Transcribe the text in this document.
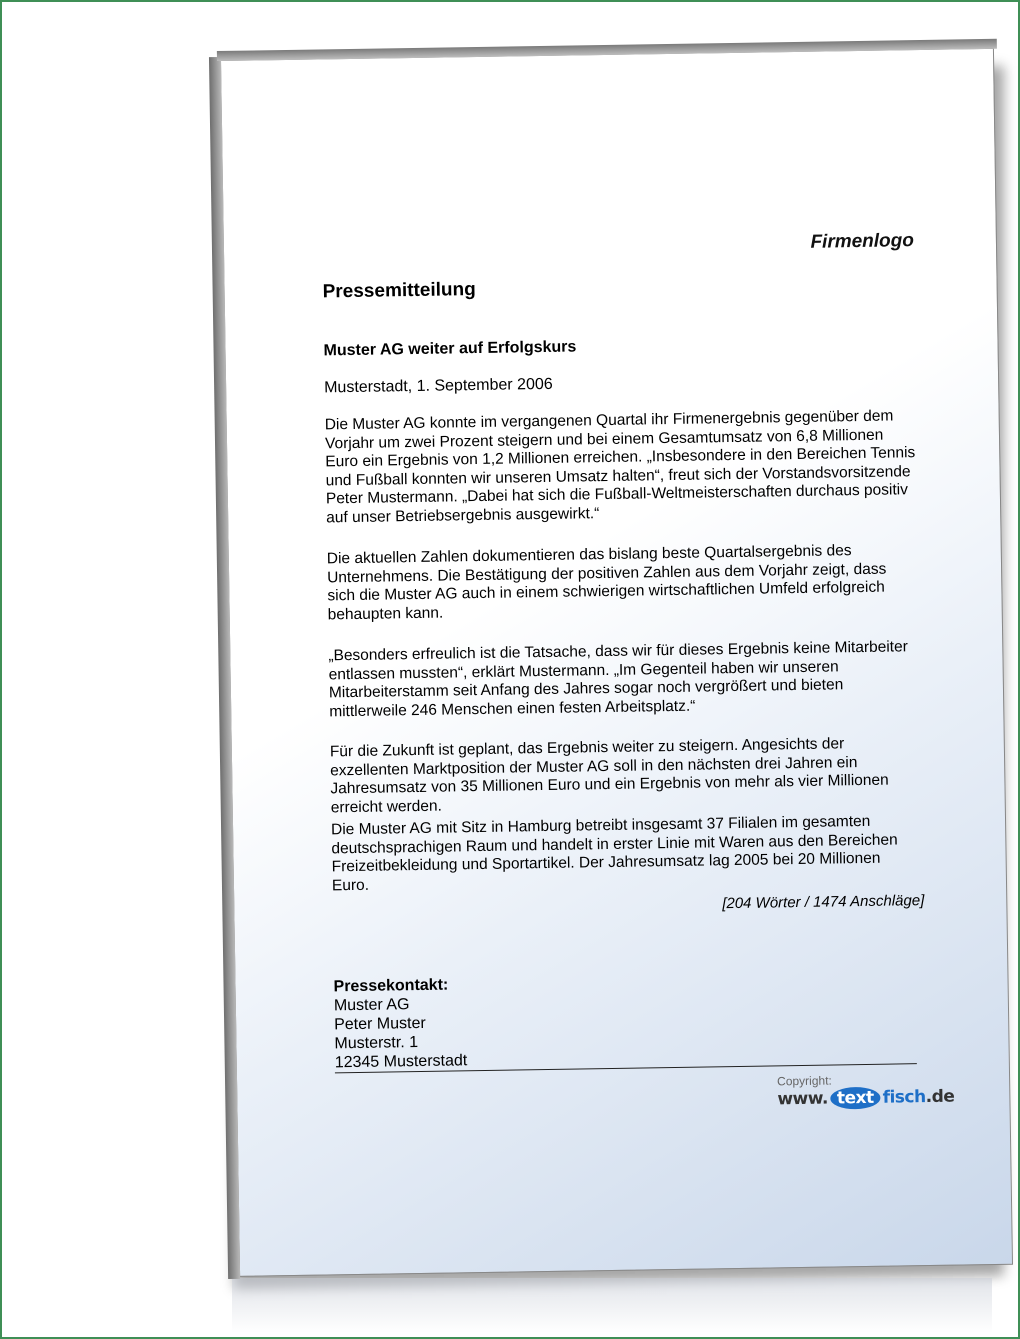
Firmenlogo
Pressemitteilung
Muster AG weiter auf Erfolgskurs
Musterstadt, 1. September 2006

Die Muster AG konnte im vergangenen Quartal ihr Firmenergebnis gegenüber dem Vorjahr um zwei Prozent steigern und bei einem Gesamtumsatz von 6,8 Millionen Euro ein Ergebnis von 1,2 Millionen erreichen. „Insbesondere in den Bereichen Tennis und Fußball konnten wir unseren Umsatz halten“, freut sich der Vorstandsvorsitzende Peter Mustermann. „Dabei hat sich die Fußball-Weltmeisterschaften durchaus positiv auf unser Betriebsergebnis ausgewirkt.“

Die aktuellen Zahlen dokumentieren das bislang beste Quartalsergebnis des Unternehmens. Die Bestätigung der positiven Zahlen aus dem Vorjahr zeigt, dass sich die Muster AG auch in einem schwierigen wirtschaftlichen Umfeld erfolgreich behaupten kann.

„Besonders erfreulich ist die Tatsache, dass wir für dieses Ergebnis keine Mitarbeiter entlassen mussten“, erklärt Mustermann. „Im Gegenteil haben wir unseren Mitarbeiterstamm seit Anfang des Jahres sogar noch vergrößert und bieten mittlerweile 246 Menschen einen festen Arbeitsplatz.“

Für die Zukunft ist geplant, das Ergebnis weiter zu steigern. Angesichts der exzellenten Marktposition der Muster AG soll in den nächsten drei Jahren ein Jahresumsatz von 35 Millionen Euro und ein Ergebnis von mehr als vier Millionen erreicht werden.

Die Muster AG mit Sitz in Hamburg betreibt insgesamt 37 Filialen im gesamten deutschsprachigen Raum und handelt in erster Linie mit Waren aus den Bereichen Freizeitbekleidung und Sportartikel. Der Jahresumsatz lag 2005 bei 20 Millionen Euro.

[204 Wörter / 1474 Anschläge]
Pressekontakt:
Muster AG
Peter Muster
Musterstr. 1
12345 Musterstadt
Copyright:
www. text fisch.de
